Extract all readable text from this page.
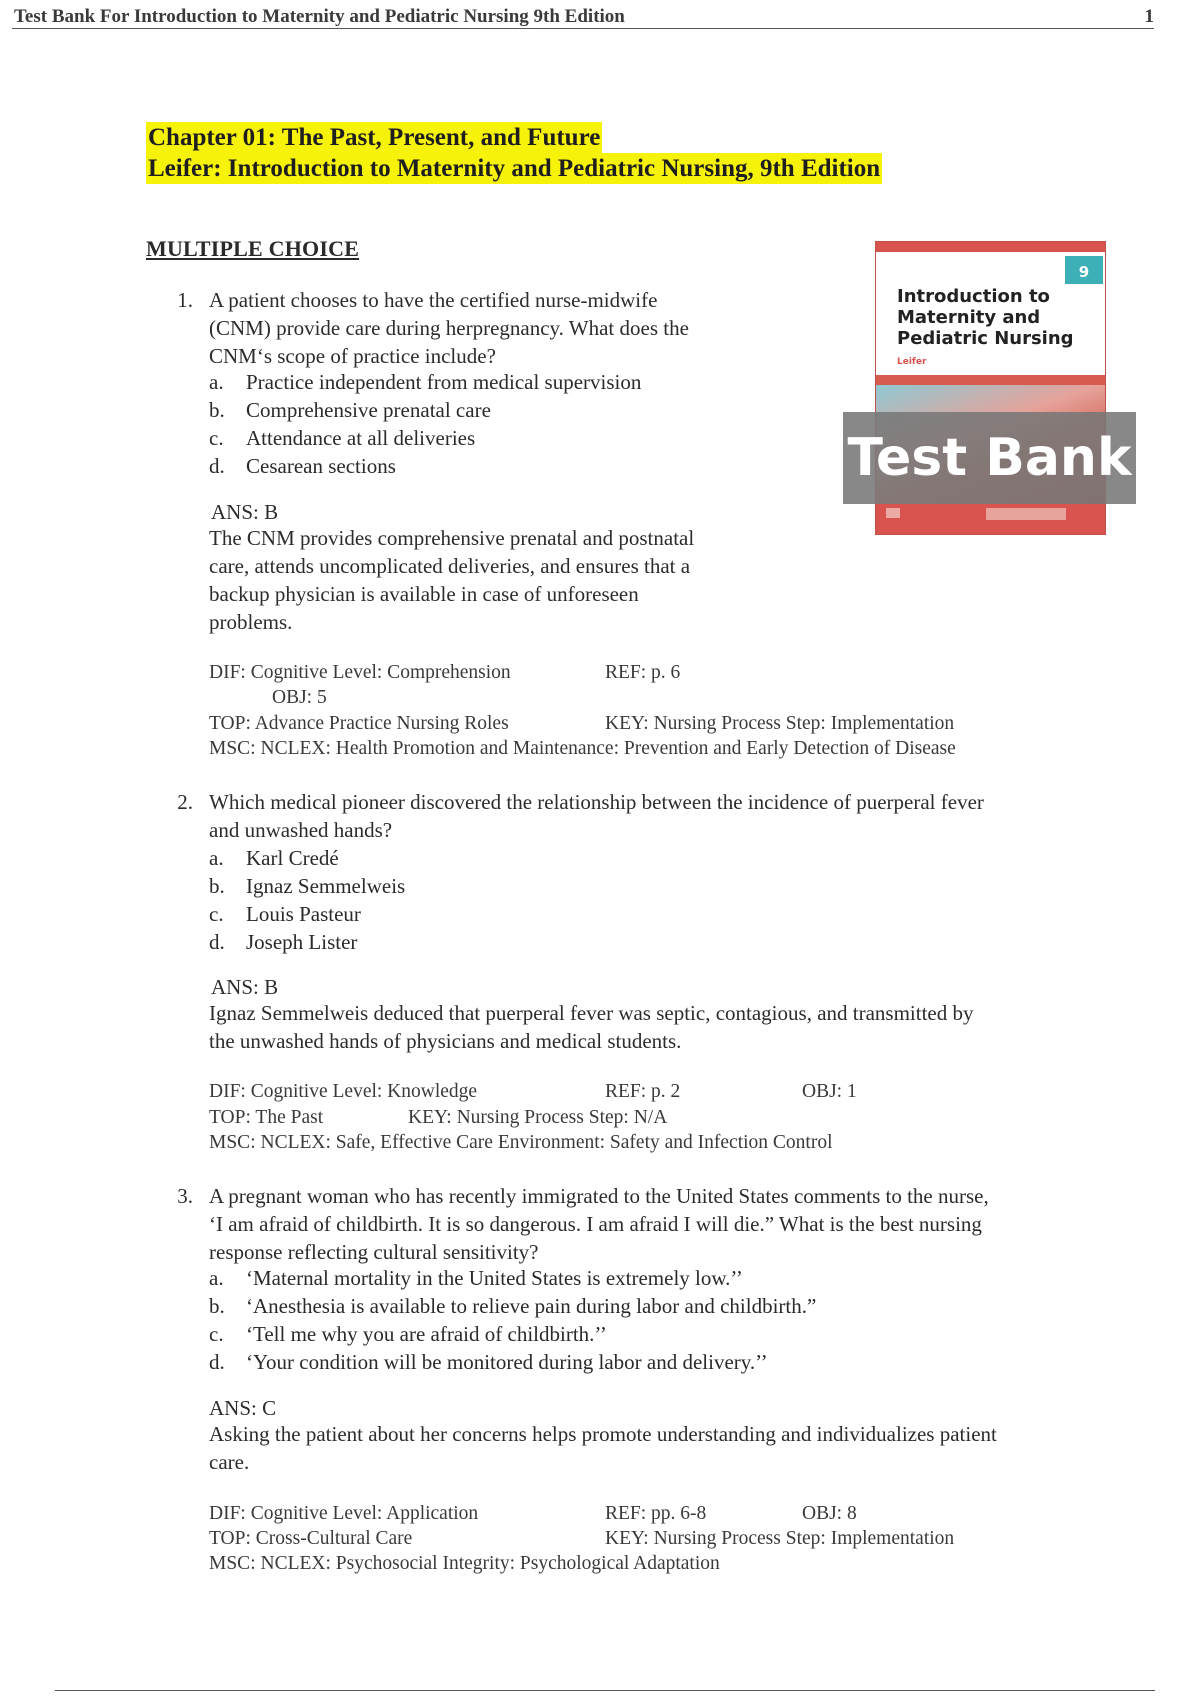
Test Bank For Introduction to Maternity and Pediatric Nursing 9th Edition	1
Chapter 01: The Past, Present, and Future
Leifer: Introduction to Maternity and Pediatric Nursing, 9th Edition
MULTIPLE CHOICE
9
Introduction to Maternity and Pediatric Nursing
Leifer
Test Bank
1. A patient chooses to have the certified nurse-midwife
(CNM) provide care during herpregnancy. What does the
CNM‘s scope of practice include?
a.	Practice independent from medical supervision
b. Comprehensive prenatal care
c.	Attendance at all deliveries
d. Cesarean sections
ANS: B
The CNM provides comprehensive prenatal and postnatal
care, attends uncomplicated deliveries, and ensures that a
backup physician is available in case of unforeseen
problems.
DIF: Cognitive Level: Comprehension	REF: p. 6
OBJ: 5
TOP: Advance Practice Nursing Roles	KEY: Nursing Process Step: Implementation
MSC: NCLEX: Health Promotion and Maintenance: Prevention and Early Detection of Disease
2. Which medical pioneer discovered the relationship between the incidence of puerperal fever
and unwashed hands?
a.	Karl Credé
b. Ignaz Semmelweis
c.	Louis Pasteur
d. Joseph Lister
ANS: B
Ignaz Semmelweis deduced that puerperal fever was septic, contagious, and transmitted by
the unwashed hands of physicians and medical students.
DIF: Cognitive Level: Knowledge	REF: p. 2	OBJ: 1
TOP: The Past	KEY: Nursing Process Step: N/A
MSC: NCLEX: Safe, Effective Care Environment: Safety and Infection Control
3. A pregnant woman who has recently immigrated to the United States comments to the nurse,
‘I am afraid of childbirth. It is so dangerous. I am afraid I will die.” What is the best nursing
response reflecting cultural sensitivity?
a.	‘Maternal mortality in the United States is extremely low.’’
b. ‘Anesthesia is available to relieve pain during labor and childbirth.”
c.	‘Tell me why you are afraid of childbirth.’’
d. ‘Your condition will be monitored during labor and delivery.’’
ANS: C
Asking the patient about her concerns helps promote understanding and individualizes patient
care.
DIF: Cognitive Level: Application	REF: pp. 6-8	OBJ: 8
TOP: Cross-Cultural Care	KEY: Nursing Process Step: Implementation
MSC: NCLEX: Psychosocial Integrity: Psychological Adaptation
